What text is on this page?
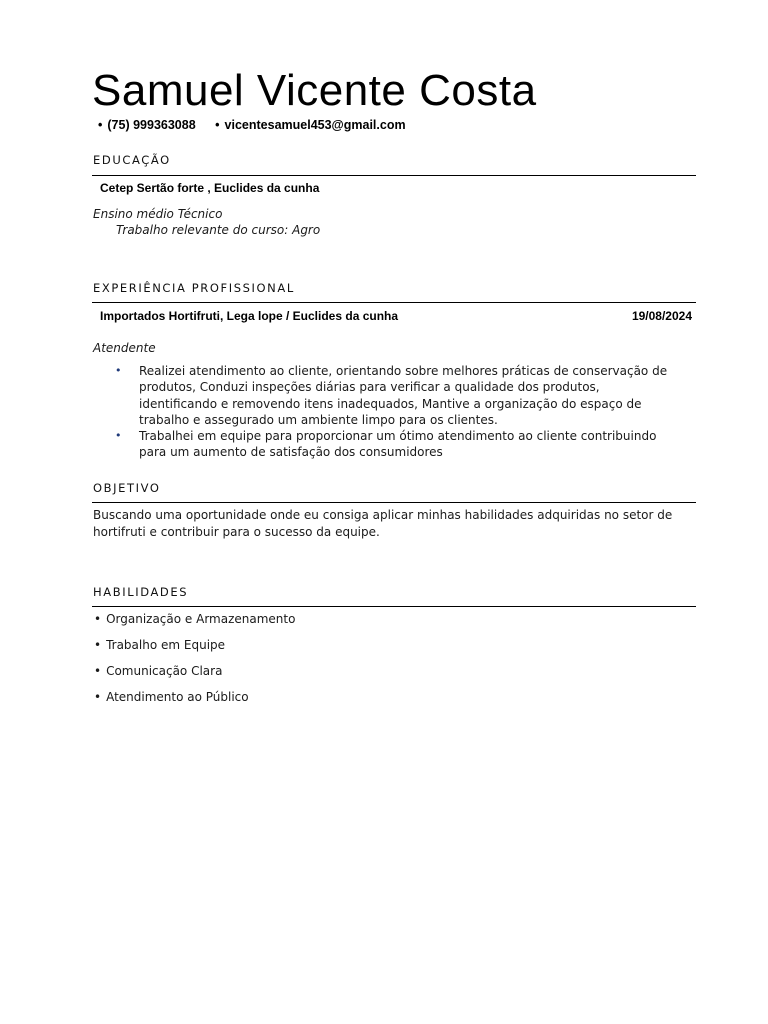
Samuel Vicente Costa
• (75) 999363088 • vicentesamuel453@gmail.com
EDUCAÇÃO
Cetep Sertão forte , Euclides da cunha
Ensino médio Técnico
Trabalho relevante do curso: Agro
EXPERIÊNCIA PROFISSIONAL
Importados Hortifruti, Lega lope / Euclides da cunha	19/08/2024
Atendente
• Realizei atendimento ao cliente, orientando sobre melhores práticas de conservação de produtos, Conduzi inspeções diárias para verificar a qualidade dos produtos, identificando e removendo itens inadequados, Mantive a organização do espaço de trabalho e assegurado um ambiente limpo para os clientes.
• Trabalhei em equipe para proporcionar um ótimo atendimento ao cliente contribuindo para um aumento de satisfação dos consumidores
OBJETIVO
Buscando uma oportunidade onde eu consiga aplicar minhas habilidades adquiridas no setor de hortifruti e contribuir para o sucesso da equipe.
HABILIDADES
• Organização e Armazenamento
• Trabalho em Equipe
• Comunicação Clara
• Atendimento ao Público
